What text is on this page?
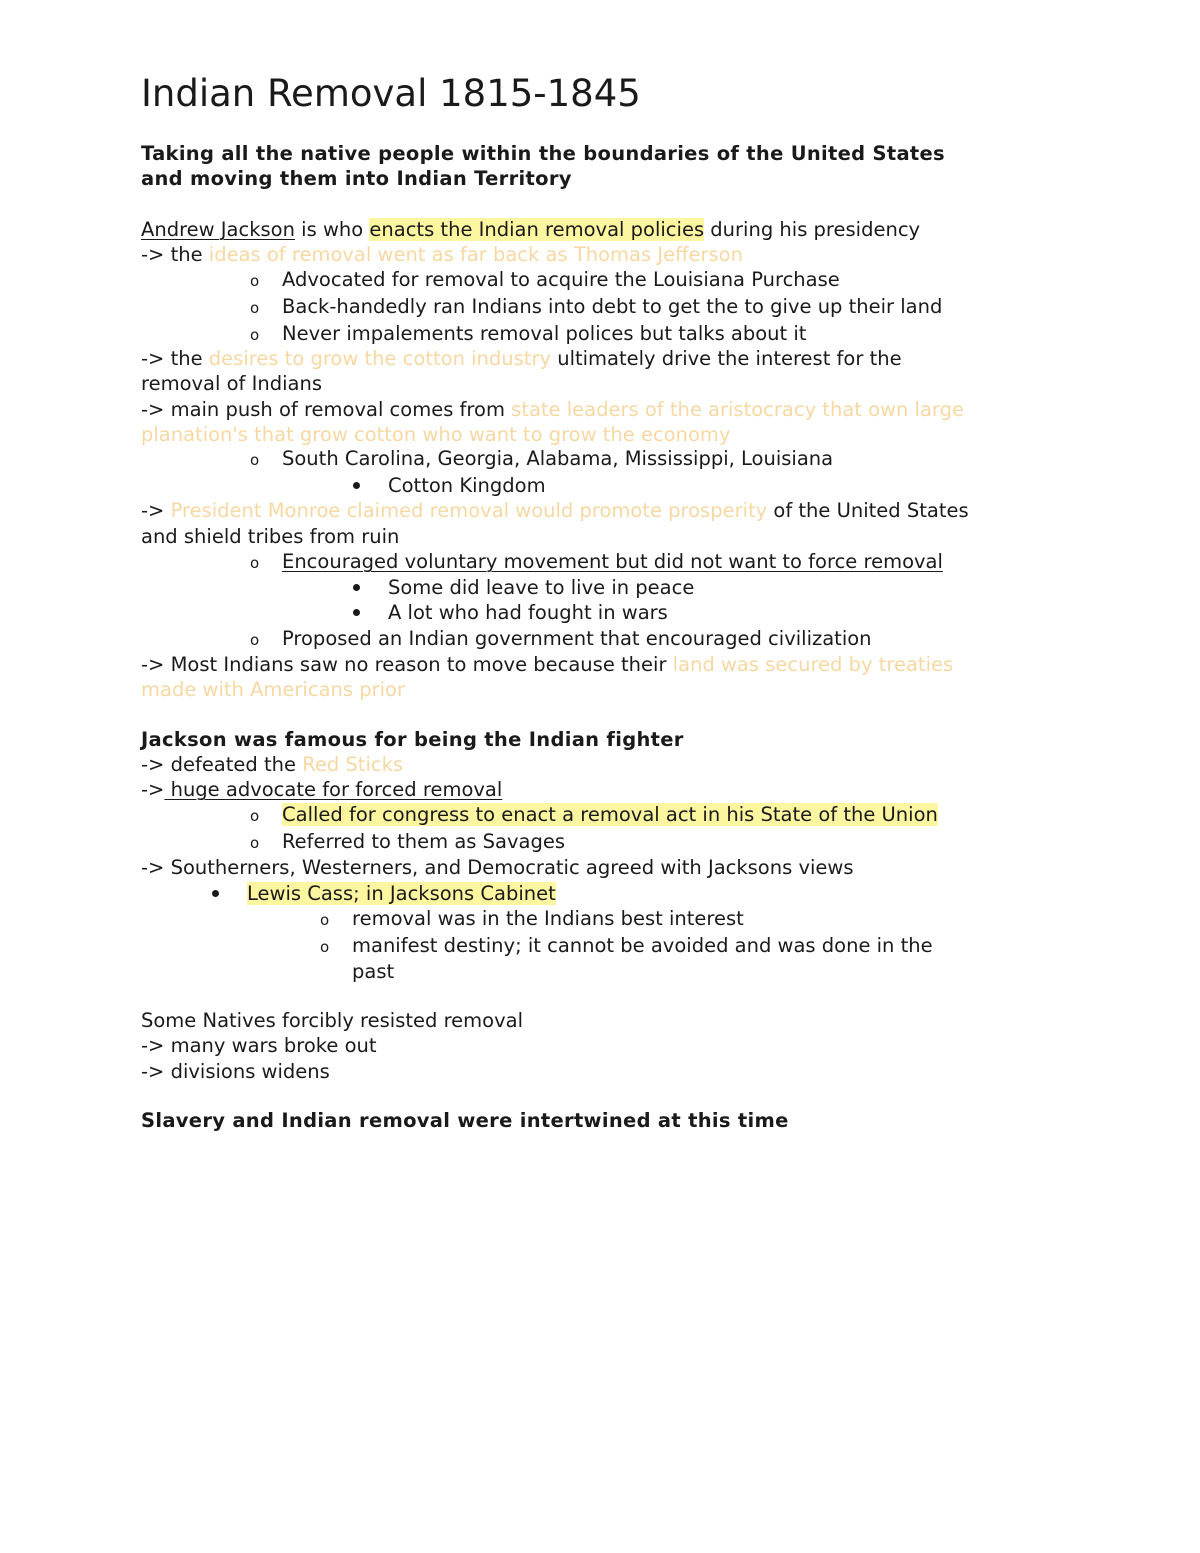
Indian Removal 1815-1845
Taking all the native people within the boundaries of the United States
and moving them into Indian Territory
Andrew Jackson is who enacts the Indian removal policies during his presidency
-> the ideas of removal went as far back as Thomas Jefferson
o	Advocated for removal to acquire the Louisiana Purchase
o	Back-handedly ran Indians into debt to get the to give up their land
o	Never impalements removal polices but talks about it
-> the desires to grow the cotton industry ultimately drive the interest for the
removal of Indians
-> main push of removal comes from state leaders of the aristocracy that own large
planation's that grow cotton who want to grow the economy
o	South Carolina, Georgia, Alabama, Mississippi, Louisiana
Cotton Kingdom
-> President Monroe claimed removal would promote prosperity of the United States
and shield tribes from ruin
o	Encouraged voluntary movement but did not want to force removal
Some did leave to live in peace
A lot who had fought in wars
o	Proposed an Indian government that encouraged civilization
-> Most Indians saw no reason to move because their land was secured by treaties
made with Americans prior
Jackson was famous for being the Indian fighter
-> defeated the Red Sticks
-> huge advocate for forced removal
o	Called for congress to enact a removal act in his State of the Union
o	Referred to them as Savages
-> Southerners, Westerners, and Democratic agreed with Jacksons views
Lewis Cass; in Jacksons Cabinet
o	removal was in the Indians best interest
o	manifest destiny; it cannot be avoided and was done in the
past
Some Natives forcibly resisted removal
-> many wars broke out
-> divisions widens
Slavery and Indian removal were intertwined at this time
